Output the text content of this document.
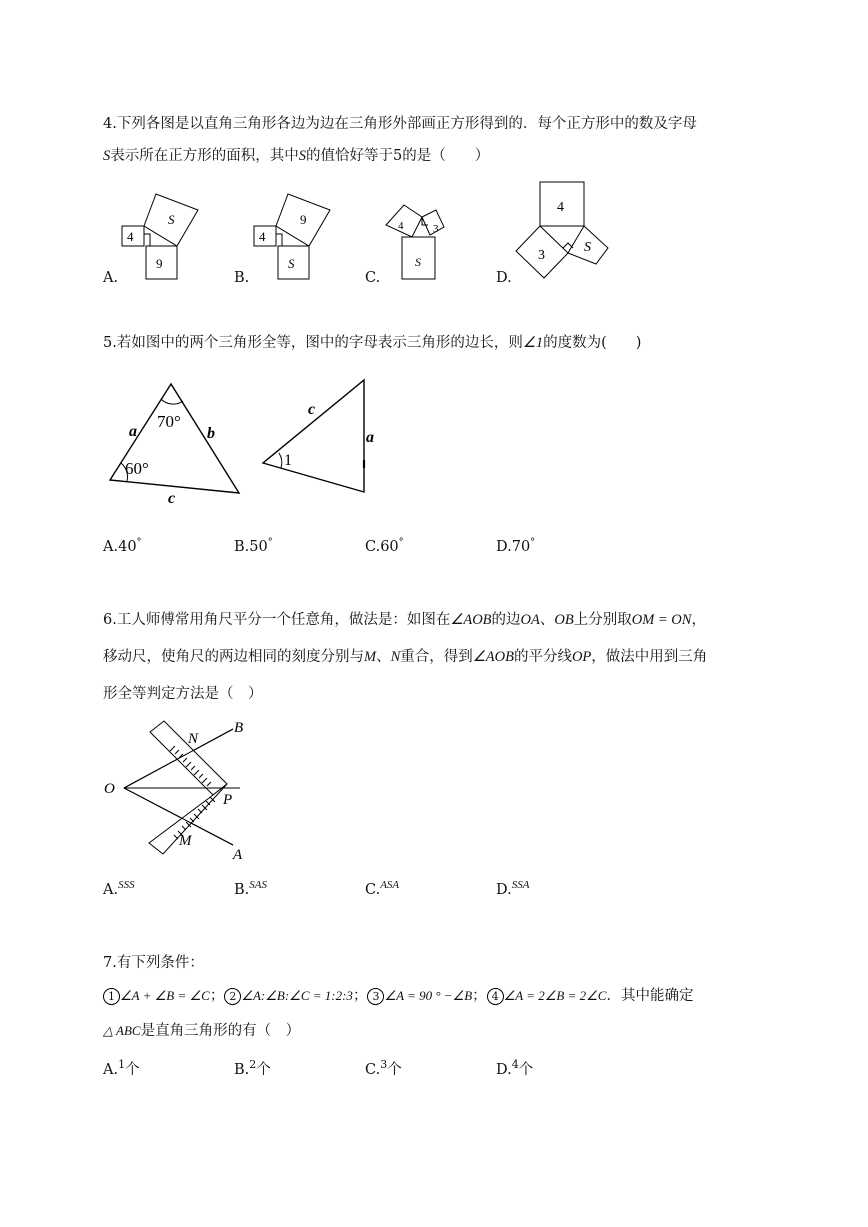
4.下列各图是以直角三角形各边为边在三角形外部画正方形得到的．每个正方形中的数及字母
S表示所在正方形的面积，其中S的值恰好等于5的是（　　）
4
S
9
A.
4
9
S
B.
4	3
S
C.
4
3
S
D.
5.若如图中的两个三角形全等，图中的字母表示三角形的边长，则∠1的度数为(　　)
70°
60°
a	b
c
1
c
a
A.40°	B.50°	C.60°	D.70°
6.工人师傅常用角尺平分一个任意角，做法是：如图在∠AOB的边OA、OB上分别取OM = ON，
移动尺，使角尺的两边相同的刻度分别与M、N重合，得到∠AOB的平分线OP，做法中用到三角
形全等判定方法是（　）
O
N
B
P
M
A
A.$^{SSS}$	B.$^{SAS}$	C.$^{ASA}$	D.$^{SSA}$
7.有下列条件：
1 ∠A + ∠B = ∠C； 2 ∠A:∠B:∠C = 1:2:3； 3 ∠A = 90 ° −∠B； 4 ∠A = 2∠B = 2∠C．其中能确定
△ ABC是直角三角形的有（　）
A.$^1$个	B.$^2$个	C.$^3$个	D.$^4$个
